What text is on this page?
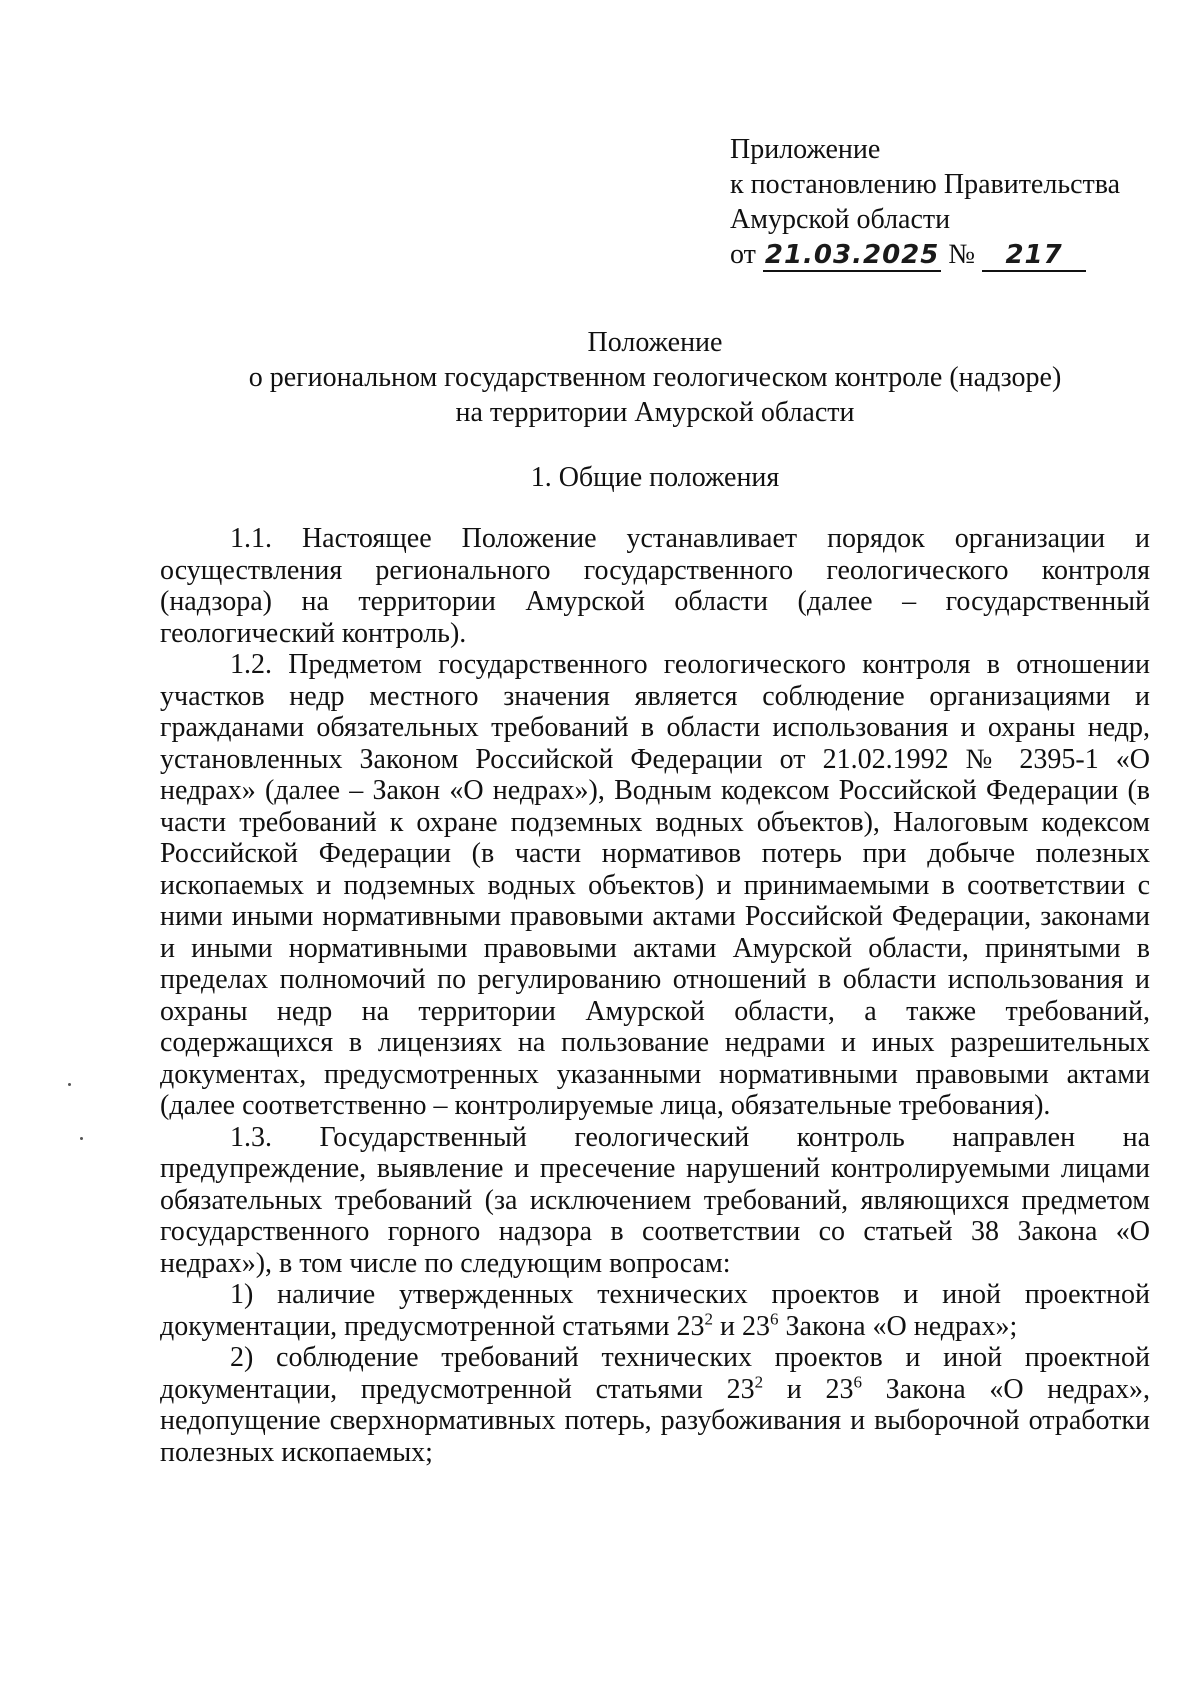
Приложение
к постановлению Правительства
Амурской области
от 21.03.2025 № 217
Положение
о региональном государственном геологическом контроле (надзоре)
на территории Амурской области
1. Общие положения

1.1. Настоящее Положение устанавливает порядок организации и осуществления регионального государственного геологического контроля (надзора) на территории Амурской области (далее – государственный геологический контроль).

1.2. Предметом государственного геологического контроля в отношении участков недр местного значения является соблюдение организациями и гражданами обязательных требований в области использования и охраны недр, установленных Законом Российской Федерации от 21.02.1992 № 2395-1 «О недрах» (далее – Закон «О недрах»), Водным кодексом Российской Федерации (в части требований к охране подземных водных объектов), Налоговым кодексом Российской Федерации (в части нормативов потерь при добыче полезных ископаемых и подземных водных объектов) и принимаемыми в соответствии с ними иными нормативными правовыми актами Российской Федерации, законами и иными нормативными правовыми актами Амурской области, принятыми в пределах полномочий по регулированию отношений в области использования и охраны недр на территории Амурской области, а также требований, содержащихся в лицензиях на пользование недрами и иных разрешительных документах, предусмотренных указанными нормативными правовыми актами (далее соответственно – контролируемые лица, обязательные требования).

1.3. Государственный геологический контроль направлен на предупреждение, выявление и пресечение нарушений контролируемыми лицами обязательных требований (за исключением требований, являющихся предметом государственного горного надзора в соответствии со статьей 38 Закона «О недрах»), в том числе по следующим вопросам:

1) наличие утвержденных технических проектов и иной проектной документации, предусмотренной статьями $23^2$ и $23^6$ Закона «О недрах»;

2) соблюдение требований технических проектов и иной проектной документации, предусмотренной статьями $23^2$ и $23^6$ Закона «О недрах», недопущение сверхнормативных потерь, разубоживания и выборочной отработки полезных ископаемых;
